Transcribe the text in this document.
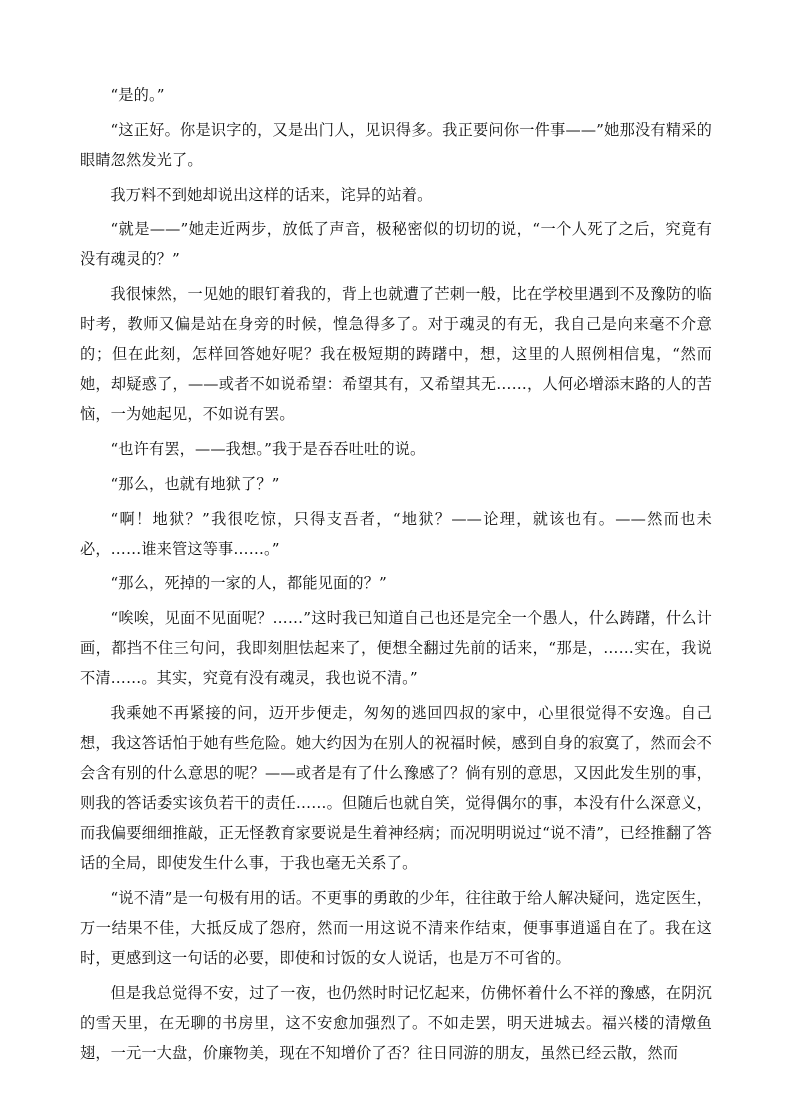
“是的。”

“这正好。你是识字的，又是出门人，见识得多。我正要问你一件事——”她那没有精采的眼睛忽然发光了。

我万料不到她却说出这样的话来，诧异的站着。

“就是——”她走近两步，放低了声音，极秘密似的切切的说，“一个人死了之后，究竟有没有魂灵的？”

我很悚然，一见她的眼钉着我的，背上也就遭了芒刺一般，比在学校里遇到不及豫防的临时考，教师又偏是站在身旁的时候，惶急得多了。对于魂灵的有无，我自己是向来毫不介意的；但在此刻，怎样回答她好呢？我在极短期的踌躇中，想，这里的人照例相信鬼，“然而她，却疑惑了，——或者不如说希望：希望其有，又希望其无……，人何必增添末路的人的苦恼，一为她起见，不如说有罢。

“也许有罢，——我想。”我于是吞吞吐吐的说。

“那么，也就有地狱了？”

“啊！地狱？”我很吃惊，只得支吾者，“地狱？——论理，就该也有。——然而也未必，……谁来管这等事……。”

“那么，死掉的一家的人，都能见面的？”

“唉唉，见面不见面呢？……”这时我已知道自己也还是完全一个愚人，什么踌躇，什么计画，都挡不住三句问，我即刻胆怯起来了，便想全翻过先前的话来，“那是，……实在，我说不清……。其实，究竟有没有魂灵，我也说不清。”

我乘她不再紧接的问，迈开步便走，匆匆的逃回四叔的家中，心里很觉得不安逸。自己想，我这答话怕于她有些危险。她大约因为在别人的祝福时候，感到自身的寂寞了，然而会不会含有别的什么意思的呢？——或者是有了什么豫感了？倘有别的意思，又因此发生别的事，则我的答话委实该负若干的责任……。但随后也就自笑，觉得偶尔的事，本没有什么深意义，而我偏要细细推敲，正无怪教育家要说是生着神经病；而况明明说过“说不清”，已经推翻了答话的全局，即使发生什么事，于我也毫无关系了。

“说不清”是一句极有用的话。不更事的勇敢的少年，往往敢于给人解决疑问，选定医生，万一结果不佳，大抵反成了怨府，然而一用这说不清来作结束，便事事逍遥自在了。我在这时，更感到这一句话的必要，即使和讨饭的女人说话，也是万不可省的。

但是我总觉得不安，过了一夜，也仍然时时记忆起来，仿佛怀着什么不祥的豫感，在阴沉的雪天里，在无聊的书房里，这不安愈加强烈了。不如走罢，明天进城去。福兴楼的清燉鱼翅，一元一大盘，价廉物美，现在不知增价了否？往日同游的朋友，虽然已经云散，然而
